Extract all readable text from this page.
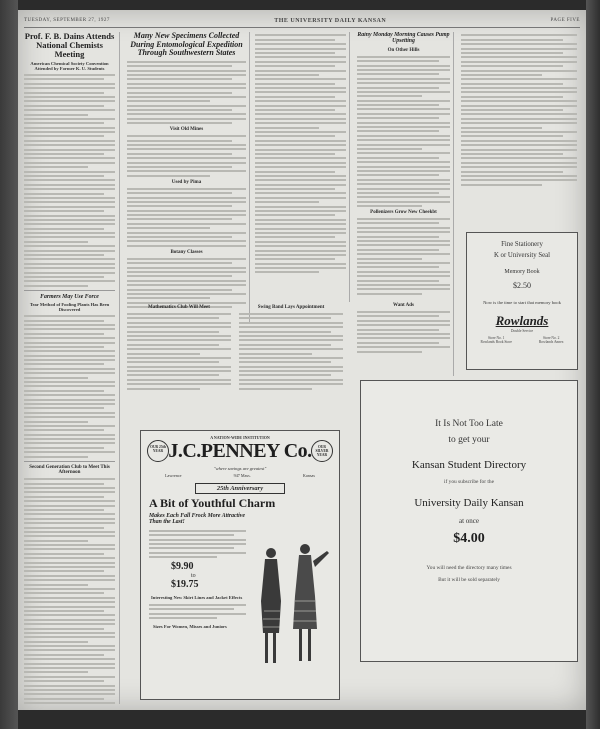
TUESDAY, SEPTEMBER 27, 1927	THE UNIVERSITY DAILY KANSAN	PAGE FIVE
Prof. F. B. Dains Attends National Chemists Meeting
American Chemical Society Convention Attended by Former K. U. Students
Farmers May Use Force
Tear Method of Fooling Plants Has Been Discovered
Second Generation Club to Meet This Afternoon
Many New Specimens Collected During Entomological Expedition Through Southwestern States
Visit Old Mines
Used by Pima
Botany Classes
Mathematics Club Will Meet	Swing Band Lays Appointment
Rainy Monday Morning Causes Pump Upsetting
On Other Hills
Pollenizers Grow New Cheekbt
Want Ads
A NATION-WIDE INSTITUTION
OUR 25th YEAR J.C.PENNEY Co.	OUR SILVER YEAR
"where savings are greatest"
Lawrence	947 Mass.	Kansas
25th Anniversary
A Bit of Youthful Charm
Makes Each Fall Frock More Attractive Than the Last!
$9.90
to
$19.75
Interesting New Skirt Lines and Jacket Effects
Sizes For Women, Misses and Juniors
Fine Stationery
K or University Seal
Memory Book
$2.50
Now is the time to start that memory book
Rowlands
Double Service
Store No. 1
Rowlands Book Store
Store No. 2
Rowlands Annex
It Is Not Too Late
to get your
Kansan Student Directory
if you subscribe for the
University Daily Kansan
at once
$4.00
You will need the directory many times
But it will be sold separately
